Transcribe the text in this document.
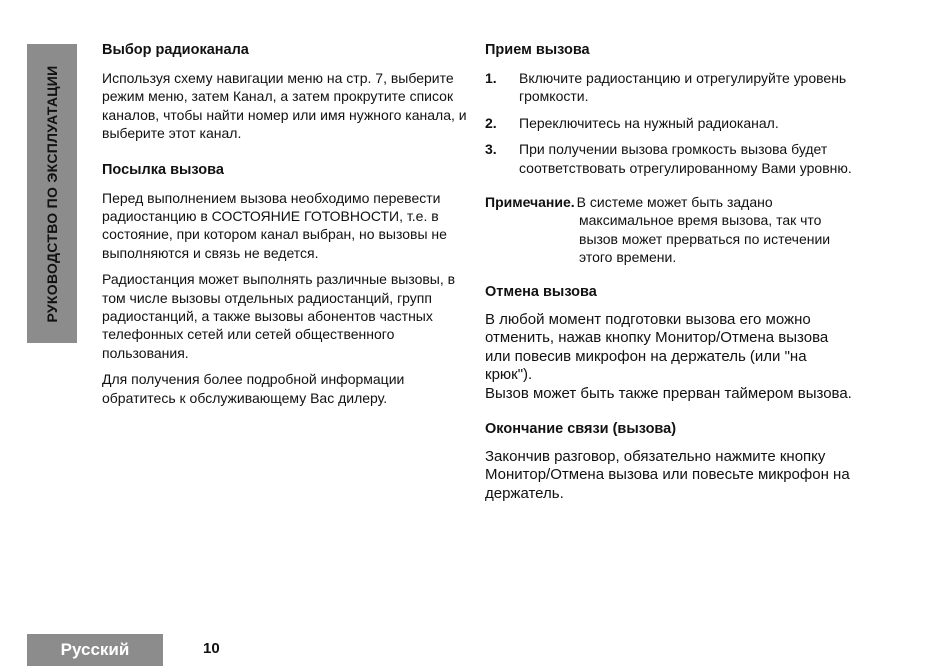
РУКОВОДСТВО ПО ЭКСПЛУАТАЦИИ
Выбор радиоканала

Используя схему навигации меню на стр. 7, выберите режим меню, затем Канал, а затем прокрутите список каналов, чтобы найти номер или имя нужного канала, и выберите этот канал.

Посылка вызова

Перед выполнением вызова необходимо перевести радиостанцию в СОСТОЯНИЕ ГОТОВНОСТИ, т.е. в состояние, при котором канал выбран, но вызовы не выполняются и связь не ведется.

Радиостанция может выполнять различные вызовы, в том числе вызовы отдельных радиостанций, групп радиостанций, а также вызовы абонентов частных телефонных сетей или сетей общественного пользования.

Для получения более подробной информации обратитесь к обслуживающему Вас дилеру.

Прием вызова
1. Включите радиостанцию и отрегулируйте уровень громкости.
2. Переключитесь на нужный радиоканал.
3. При получении вызова громкость вызова будет соответствовать отрегулированному Вами уровню.
Примечание. В системе может быть задано
максимальное время вызова, так что вызов может прерваться по истечении этого времени.
Отмена вызова

В любой момент подготовки вызова его можно отменить, нажав кнопку Монитор/Отмена вызова или повесив микрофон на держатель (или "на крюк").

Вызов может быть также прерван таймером вызова.

Окончание связи (вызова)

Закончив разговор, обязательно нажмите кнопку Монитор/Отмена вызова или повесьте микрофон на держатель.

Русский	10
